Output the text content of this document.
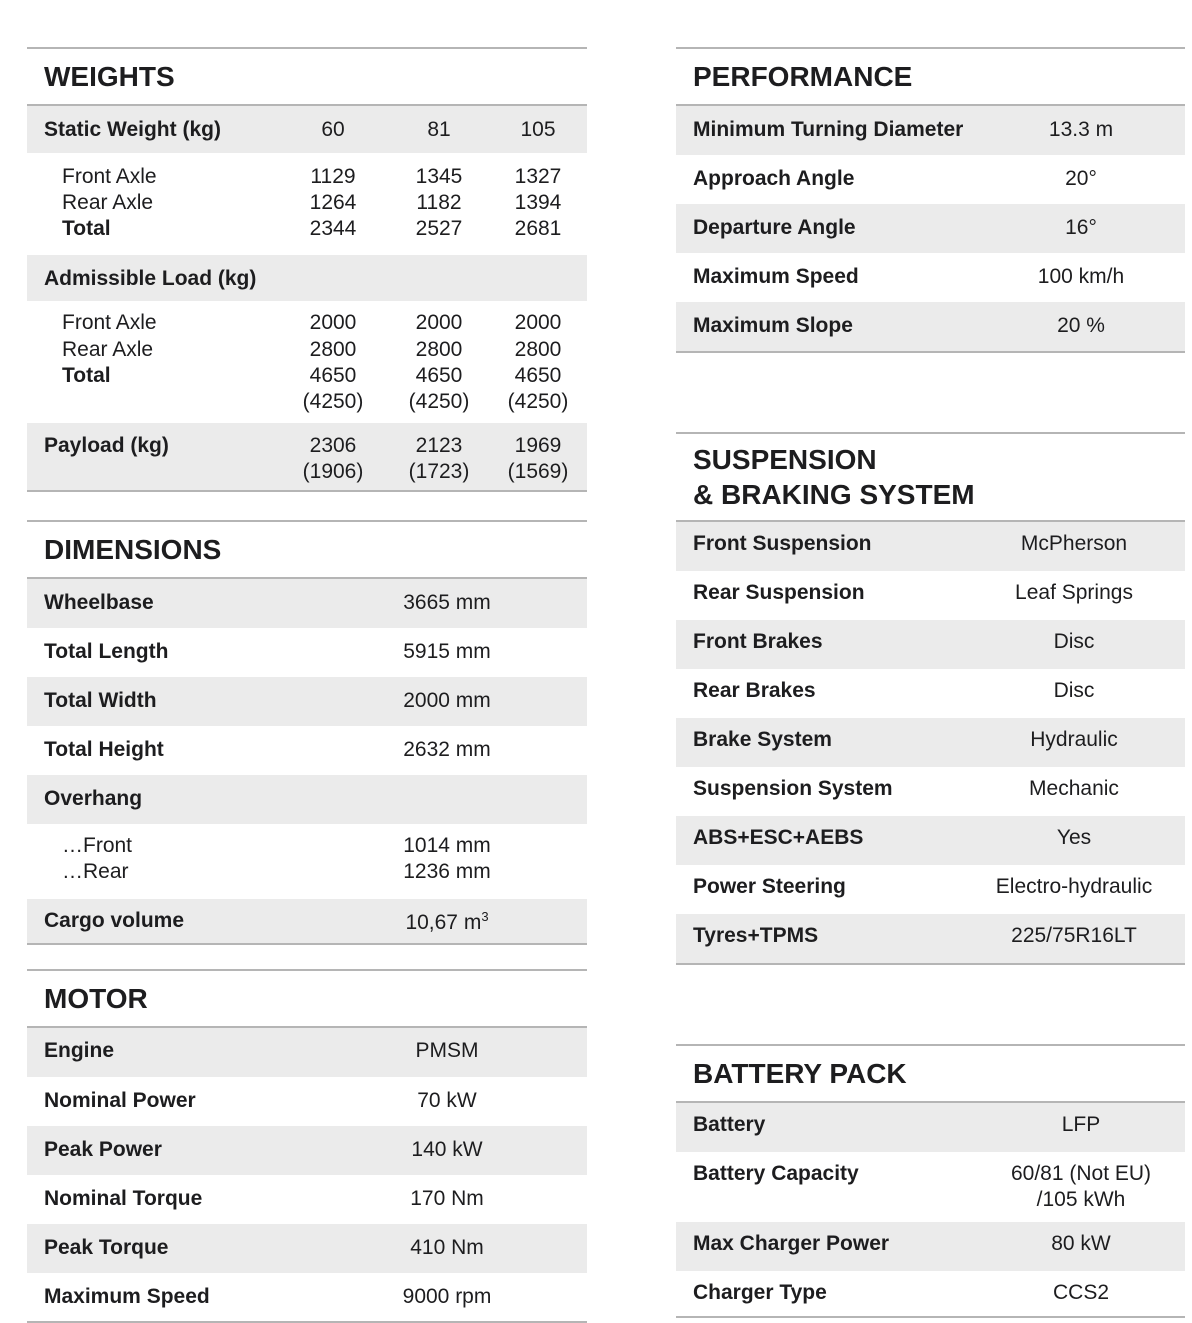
WEIGHTS
Static Weight (kg)	60	81	105
Front Axle	1129	1345	1327
Rear Axle	1264	1182	1394
Total	2344	2527	2681
Admissible Load (kg)
Front Axle	2000	2000	2000
Rear Axle	2800	2800	2800
Total	4650	4650	4650
(4250)	(4250)	(4250)
Payload (kg)	2306	2123	1969
(1906)	(1723)	(1569)
DIMENSIONS
Wheelbase	3665 mm
Total Length	5915 mm
Total Width	2000 mm
Total Height	2632 mm
Overhang
…Front	1014 mm
…Rear	1236 mm
Cargo volume	10,67 $m^3$
MOTOR
Engine	PMSM
Nominal Power	70 kW
Peak Power	140 kW
Nominal Torque	170 Nm
Peak Torque	410 Nm
Maximum Speed	9000 rpm
PERFORMANCE
Minimum Turning Diameter	13.3 m
Approach Angle	20°
Departure Angle	16°
Maximum Speed	100 km/h
Maximum Slope	20 %
SUSPENSION
& BRAKING SYSTEM
Front Suspension	McPherson
Rear Suspension	Leaf Springs
Front Brakes	Disc
Rear Brakes	Disc
Brake System	Hydraulic
Suspension System	Mechanic
ABS+ESC+AEBS	Yes
Power Steering	Electro-hydraulic
Tyres+TPMS	225/75R16LT
BATTERY PACK
Battery	LFP
Battery Capacity	60/81 (Not EU)
/105 kWh
Max Charger Power	80 kW
Charger Type	CCS2
